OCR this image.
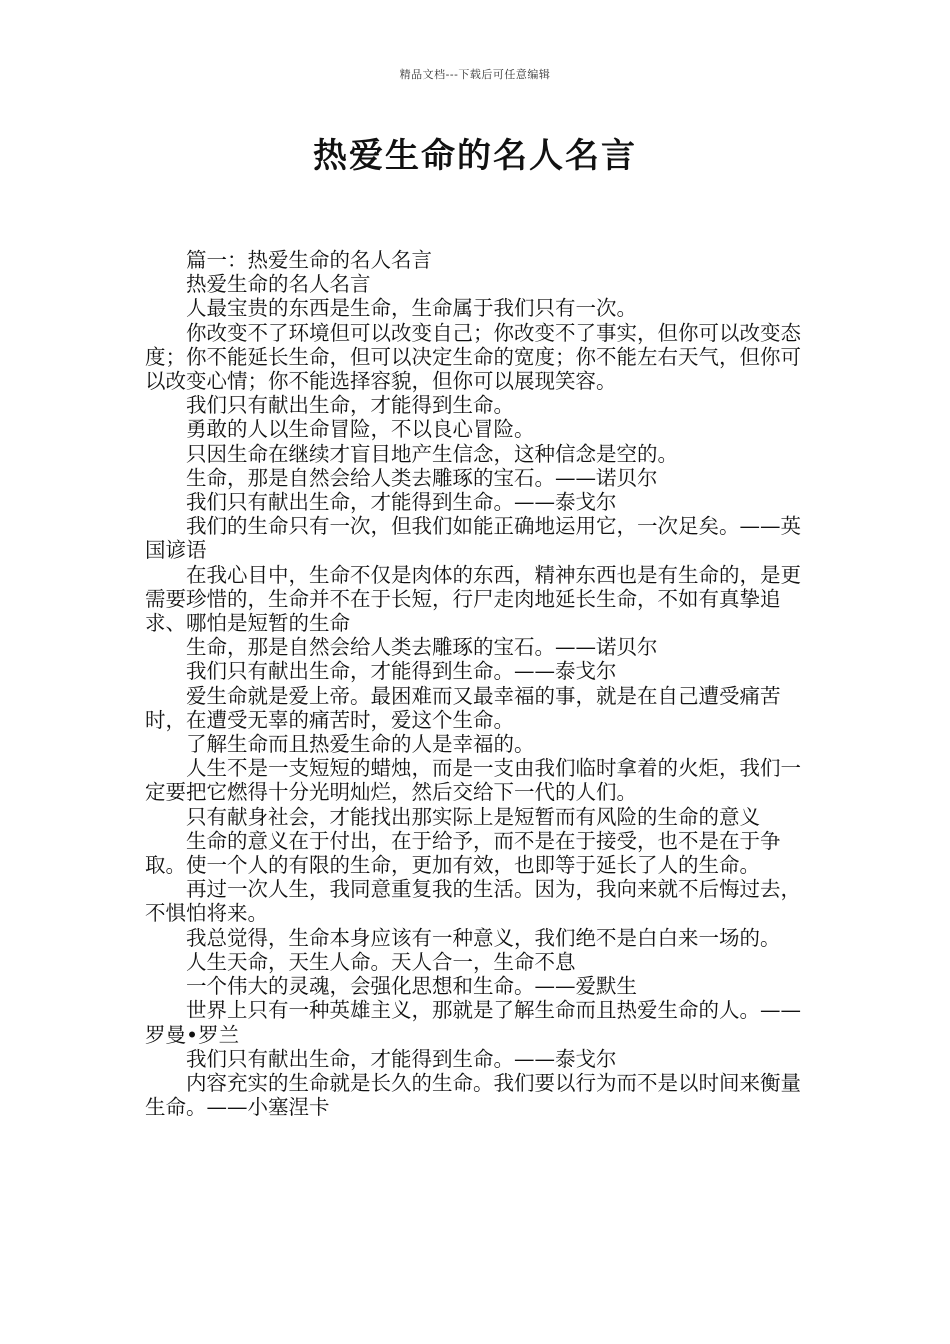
精品文档---下载后可任意编辑
热爱生命的名人名言

篇一：热爱生命的名人名言

热爱生命的名人名言

人最宝贵的东西是生命，生命属于我们只有一次。

你改变不了环境但可以改变自己；你改变不了事实，但你可以改变态度；你不能延长生命，但可以决定生命的宽度；你不能左右天气，但你可以改变心情；你不能选择容貌，但你可以展现笑容。

我们只有献出生命，才能得到生命。

勇敢的人以生命冒险，不以良心冒险。

只因生命在继续才盲目地产生信念，这种信念是空的。

生命，那是自然会给人类去雕琢的宝石。——诺贝尔

我们只有献出生命，才能得到生命。——泰戈尔

我们的生命只有一次，但我们如能正确地运用它，一次足矣。——英国谚语

在我心目中，生命不仅是肉体的东西，精神东西也是有生命的，是更需要珍惜的，生命并不在于长短，行尸走肉地延长生命，不如有真挚追求、哪怕是短暂的生命

生命，那是自然会给人类去雕琢的宝石。——诺贝尔

我们只有献出生命，才能得到生命。——泰戈尔

爱生命就是爱上帝。最困难而又最幸福的事，就是在自己遭受痛苦时，在遭受无辜的痛苦时，爱这个生命。

了解生命而且热爱生命的人是幸福的。

人生不是一支短短的蜡烛，而是一支由我们临时拿着的火炬，我们一定要把它燃得十分光明灿烂，然后交给下一代的人们。

只有献身社会，才能找出那实际上是短暂而有风险的生命的意义

生命的意义在于付出，在于给予，而不是在于接受，也不是在于争取。使一个人的有限的生命，更加有效，也即等于延长了人的生命。

再过一次人生，我同意重复我的生活。因为，我向来就不后悔过去，不惧怕将来。

我总觉得，生命本身应该有一种意义，我们绝不是白白来一场的。

人生天命，天生人命。天人合一，生命不息

一个伟大的灵魂，会强化思想和生命。——爱默生

世界上只有一种英雄主义，那就是了解生命而且热爱生命的人。——罗曼•罗兰

我们只有献出生命，才能得到生命。——泰戈尔

内容充实的生命就是长久的生命。我们要以行为而不是以时间来衡量生命。——小塞涅卡
